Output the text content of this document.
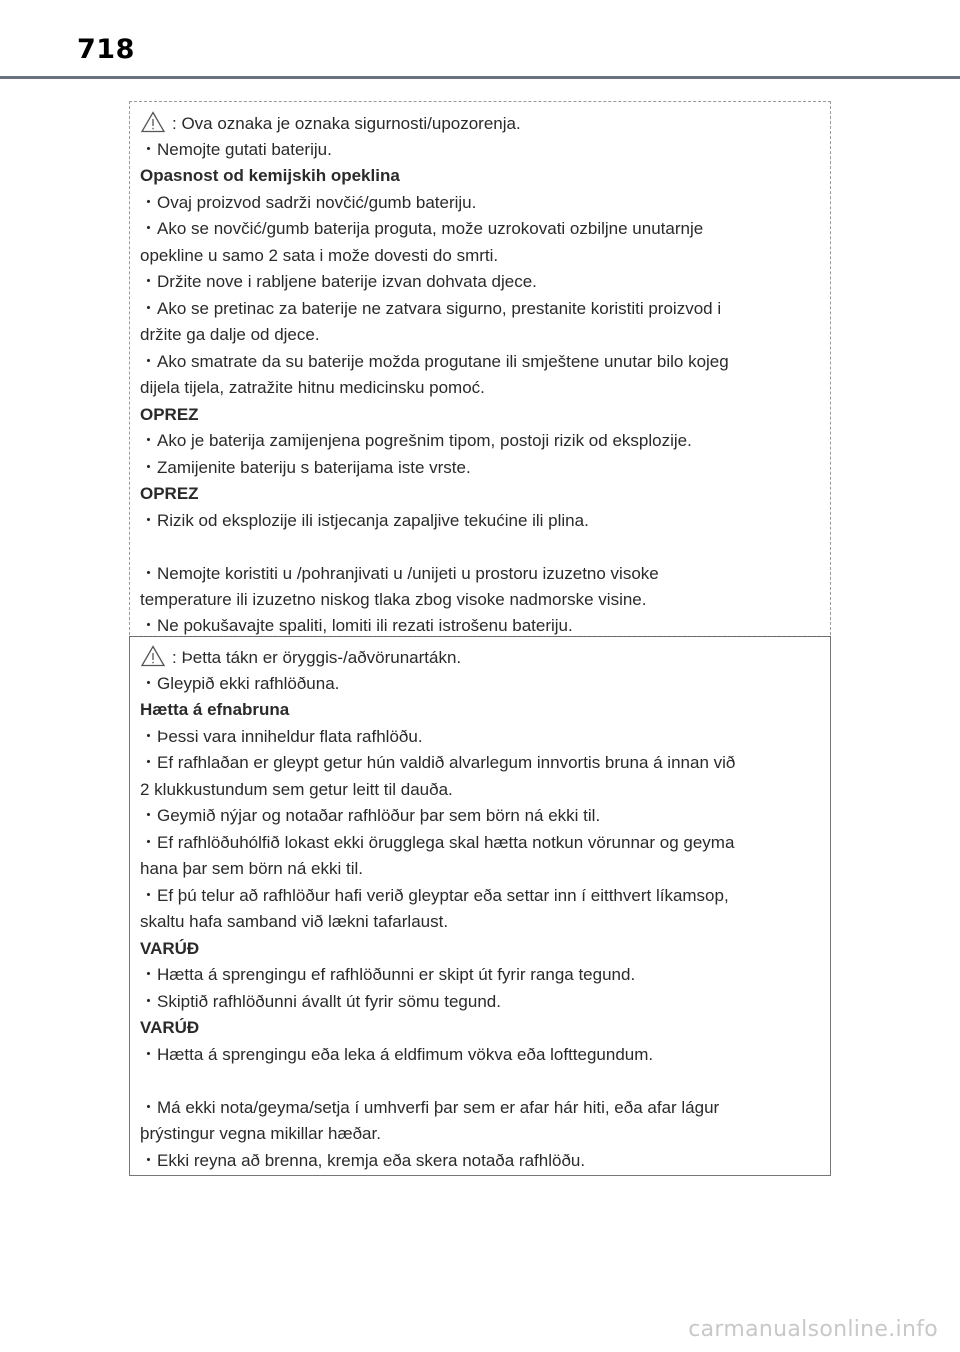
718
: Ova oznaka je oznaka sigurnosti/upozorenja.
・Nemojte gutati bateriju.
Opasnost od kemijskih opeklina
・Ovaj proizvod sadrži novčić/gumb bateriju.
・Ako se novčić/gumb baterija proguta, može uzrokovati ozbiljne unutarnje
opekline u samo 2 sata i može dovesti do smrti.
・Držite nove i rabljene baterije izvan dohvata djece.
・Ako se pretinac za baterije ne zatvara sigurno, prestanite koristiti proizvod i
držite ga dalje od djece.
・Ako smatrate da su baterije možda progutane ili smještene unutar bilo kojeg
dijela tijela, zatražite hitnu medicinsku pomoć.
OPREZ
・Ako je baterija zamijenjena pogrešnim tipom, postoji rizik od eksplozije.
・Zamijenite bateriju s baterijama iste vrste.
OPREZ
・Rizik od eksplozije ili istjecanja zapaljive tekućine ili plina.
・Nemojte koristiti u /pohranjivati u /unijeti u prostoru izuzetno visoke
temperature ili izuzetno niskog tlaka zbog visoke nadmorske visine.
・Ne pokušavajte spaliti, lomiti ili rezati istrošenu bateriju.
: Þetta tákn er öryggis-/aðvörunartákn.
・Gleypið ekki rafhlöðuna.
Hætta á efnabruna
・Þessi vara inniheldur flata rafhlöðu.
・Ef rafhlaðan er gleypt getur hún valdið alvarlegum innvortis bruna á innan við
2 klukkustundum sem getur leitt til dauða.
・Geymið nýjar og notaðar rafhlöður þar sem börn ná ekki til.
・Ef rafhlöðuhólfið lokast ekki örugglega skal hætta notkun vörunnar og geyma
hana þar sem börn ná ekki til.
・Ef þú telur að rafhlöður hafi verið gleyptar eða settar inn í eitthvert líkamsop,
skaltu hafa samband við lækni tafarlaust.
VARÚÐ
・Hætta á sprengingu ef rafhlöðunni er skipt út fyrir ranga tegund.
・Skiptið rafhlöðunni ávallt út fyrir sömu tegund.
VARÚÐ
・Hætta á sprengingu eða leka á eldfimum vökva eða lofttegundum.
・Má ekki nota/geyma/setja í umhverfi þar sem er afar hár hiti, eða afar lágur
þrýstingur vegna mikillar hæðar.
・Ekki reyna að brenna, kremja eða skera notaða rafhlöðu.
carmanualsonline.info
